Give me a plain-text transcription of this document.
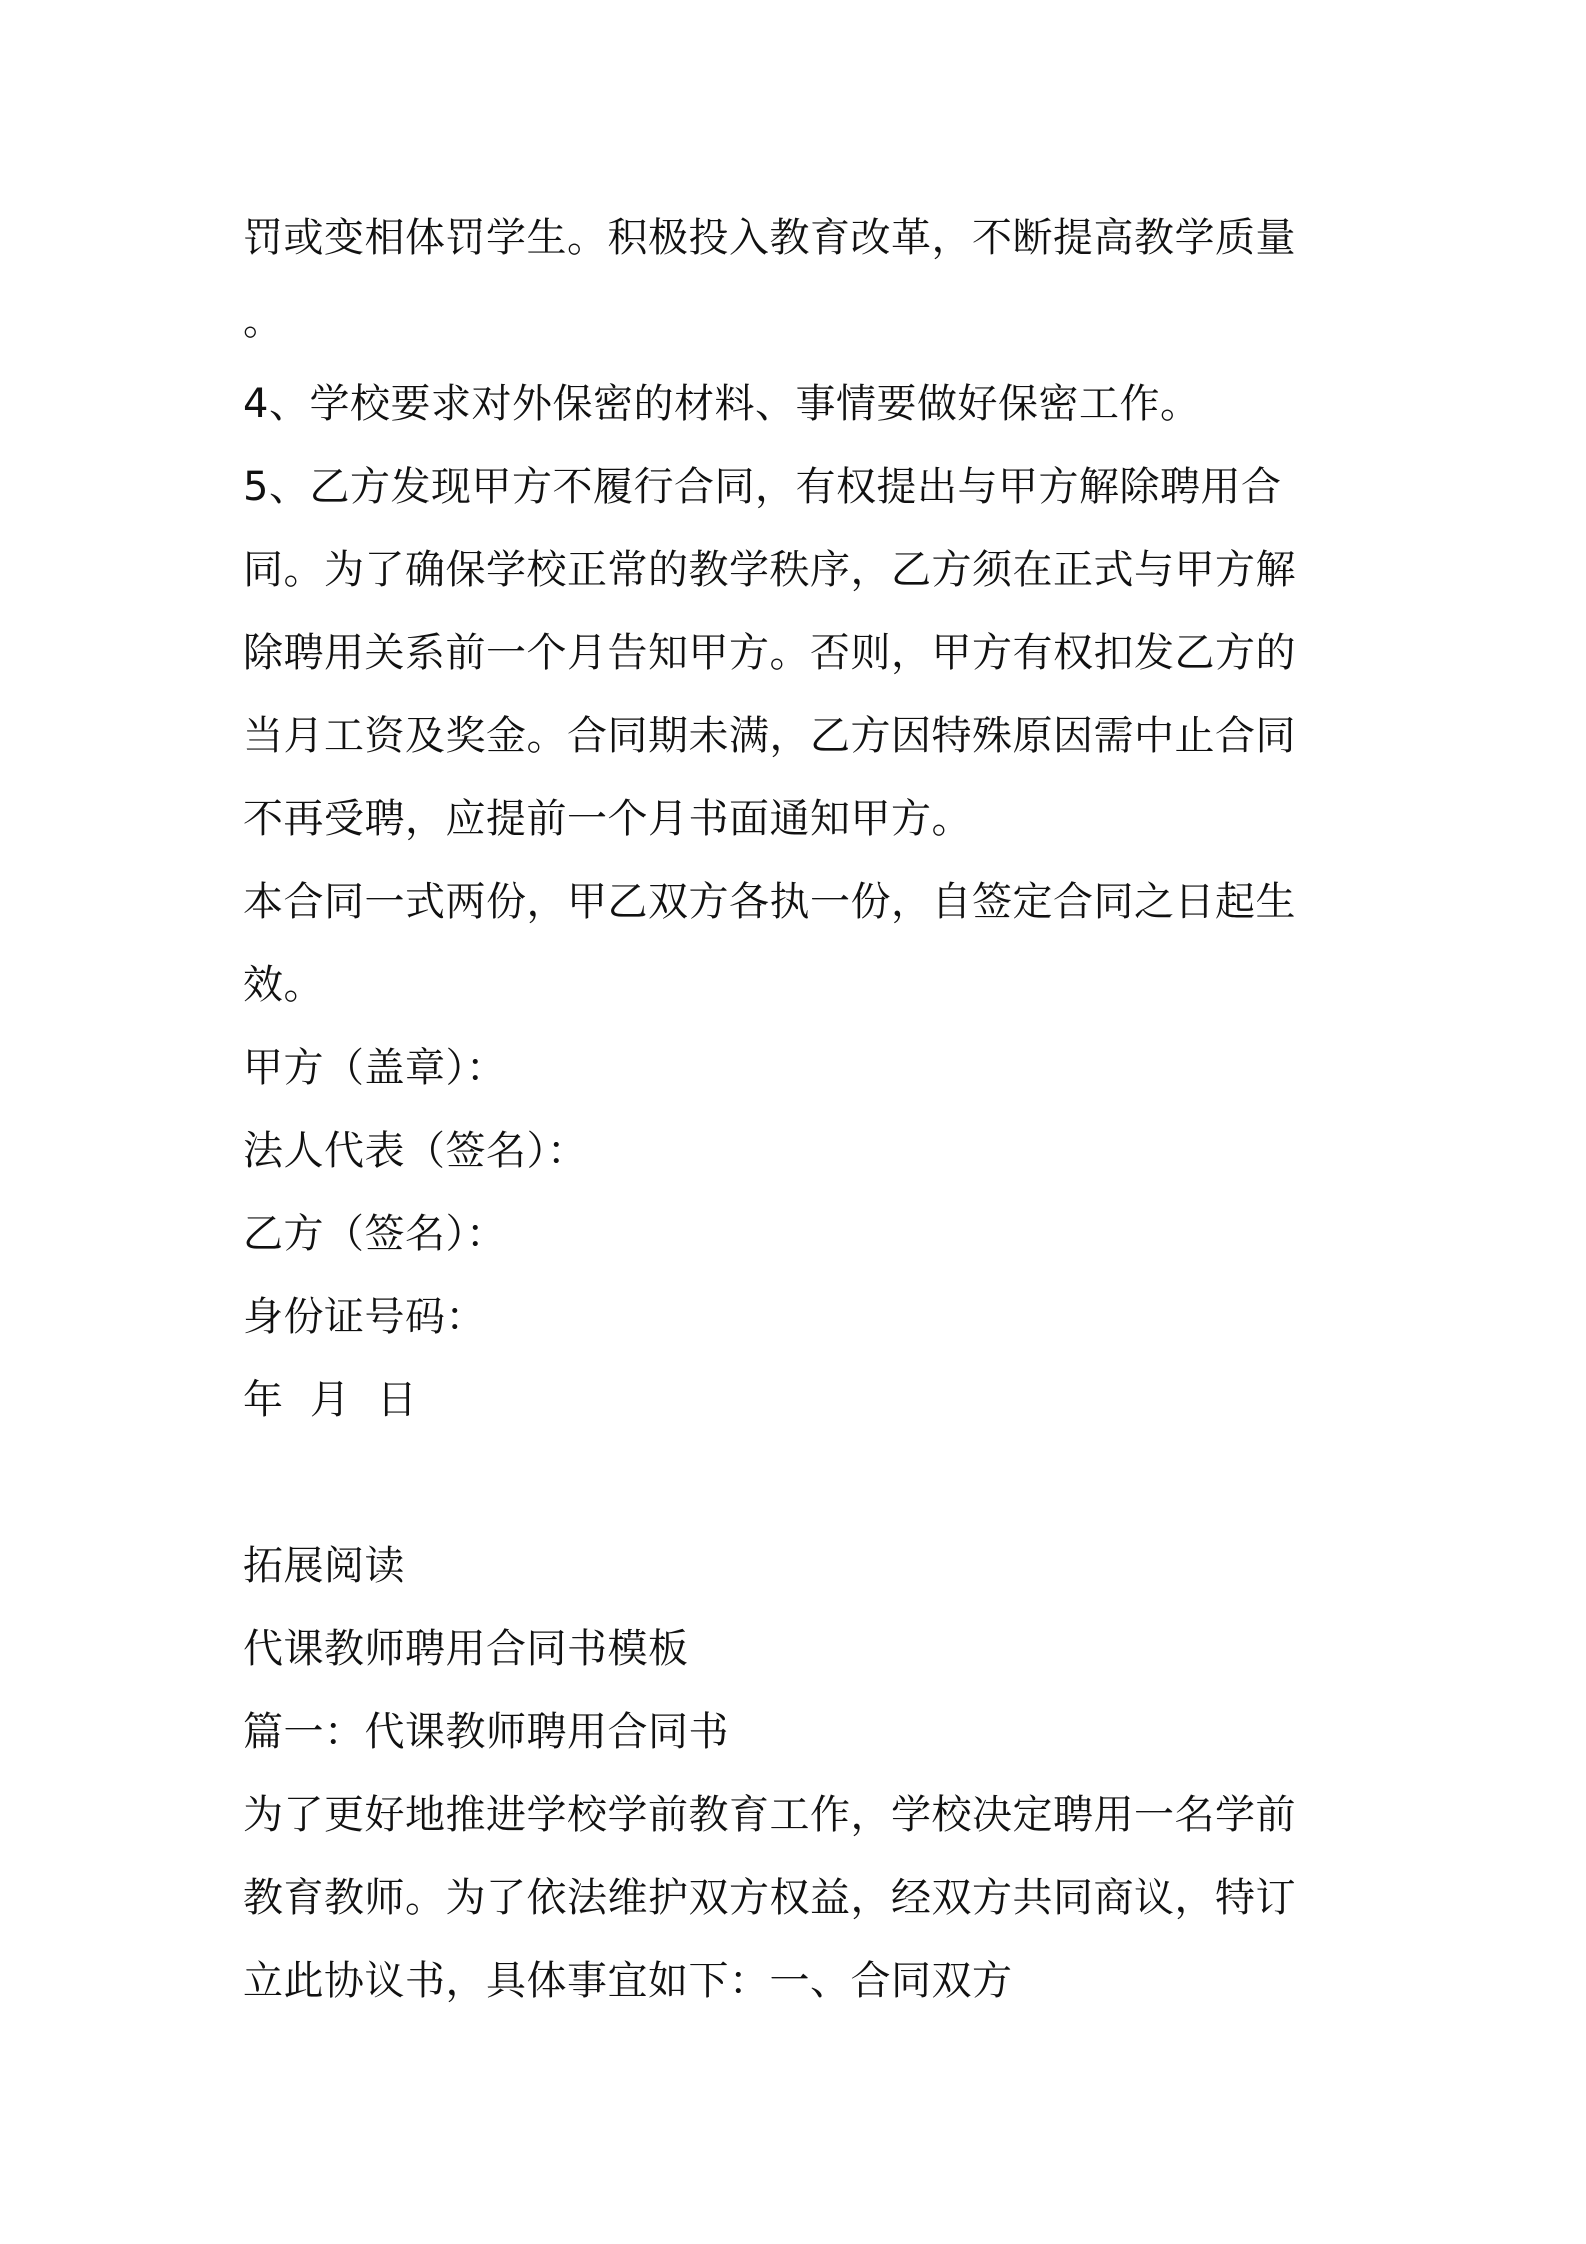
罚或变相体罚学生。积极投入教育改革，不断提高教学质量
。
4、学校要求对外保密的材料、事情要做好保密工作。
5、乙方发现甲方不履行合同，有权提出与甲方解除聘用合
同。为了确保学校正常的教学秩序，乙方须在正式与甲方解
除聘用关系前一个月告知甲方。否则，甲方有权扣发乙方的
当月工资及奖金。合同期未满，乙方因特殊原因需中止合同
不再受聘，应提前一个月书面通知甲方。
本合同一式两份，甲乙双方各执一份，自签定合同之日起生
效。
甲方（盖章）：
法人代表（签名）：
乙方（签名）：
身份证号码：
年  月  日
拓展阅读
代课教师聘用合同书模板
篇一：代课教师聘用合同书
为了更好地推进学校学前教育工作，学校决定聘用一名学前
教育教师。为了依法维护双方权益，经双方共同商议，特订
立此协议书，具体事宜如下：一、合同双方
